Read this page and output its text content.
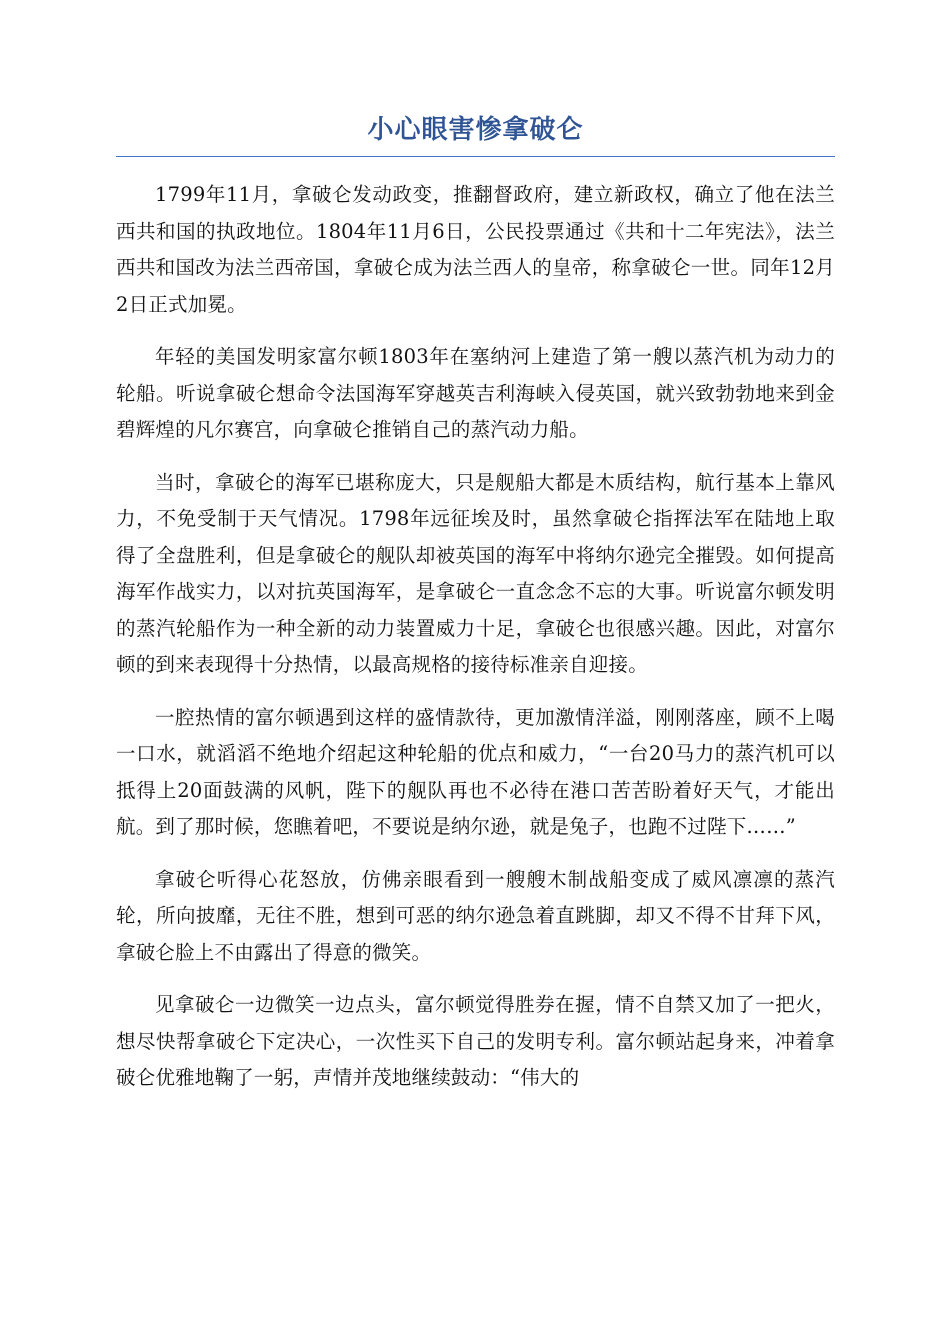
小心眼害惨拿破仑

1799年11月，拿破仑发动政变，推翻督政府，建立新政权，确立了他在法兰西共和国的执政地位。1804年11月6日，公民投票通过《共和十二年宪法》，法兰西共和国改为法兰西帝国，拿破仑成为法兰西人的皇帝，称拿破仑一世。同年12月2日正式加冕。

年轻的美国发明家富尔顿1803年在塞纳河上建造了第一艘以蒸汽机为动力的轮船。听说拿破仑想命令法国海军穿越英吉利海峡入侵英国，就兴致勃勃地来到金碧辉煌的凡尔赛宫，向拿破仑推销自己的蒸汽动力船。

当时，拿破仑的海军已堪称庞大，只是舰船大都是木质结构，航行基本上靠风力，不免受制于天气情况。1798年远征埃及时，虽然拿破仑指挥法军在陆地上取得了全盘胜利，但是拿破仑的舰队却被英国的海军中将纳尔逊完全摧毁。如何提高海军作战实力，以对抗英国海军，是拿破仑一直念念不忘的大事。听说富尔顿发明的蒸汽轮船作为一种全新的动力装置威力十足，拿破仑也很感兴趣。因此，对富尔顿的到来表现得十分热情，以最高规格的接待标准亲自迎接。

一腔热情的富尔顿遇到这样的盛情款待，更加激情洋溢，刚刚落座，顾不上喝一口水，就滔滔不绝地介绍起这种轮船的优点和威力，“一台20马力的蒸汽机可以抵得上20面鼓满的风帆，陛下的舰队再也不必待在港口苦苦盼着好天气，才能出航。到了那时候，您瞧着吧，不要说是纳尔逊，就是兔子，也跑不过陛下……”

拿破仑听得心花怒放，仿佛亲眼看到一艘艘木制战船变成了威风凛凛的蒸汽轮，所向披靡，无往不胜，想到可恶的纳尔逊急着直跳脚，却又不得不甘拜下风，拿破仑脸上不由露出了得意的微笑。

见拿破仑一边微笑一边点头，富尔顿觉得胜券在握，情不自禁又加了一把火，想尽快帮拿破仑下定决心，一次性买下自己的发明专利。富尔顿站起身来，冲着拿破仑优雅地鞠了一躬，声情并茂地继续鼓动：“伟大的
